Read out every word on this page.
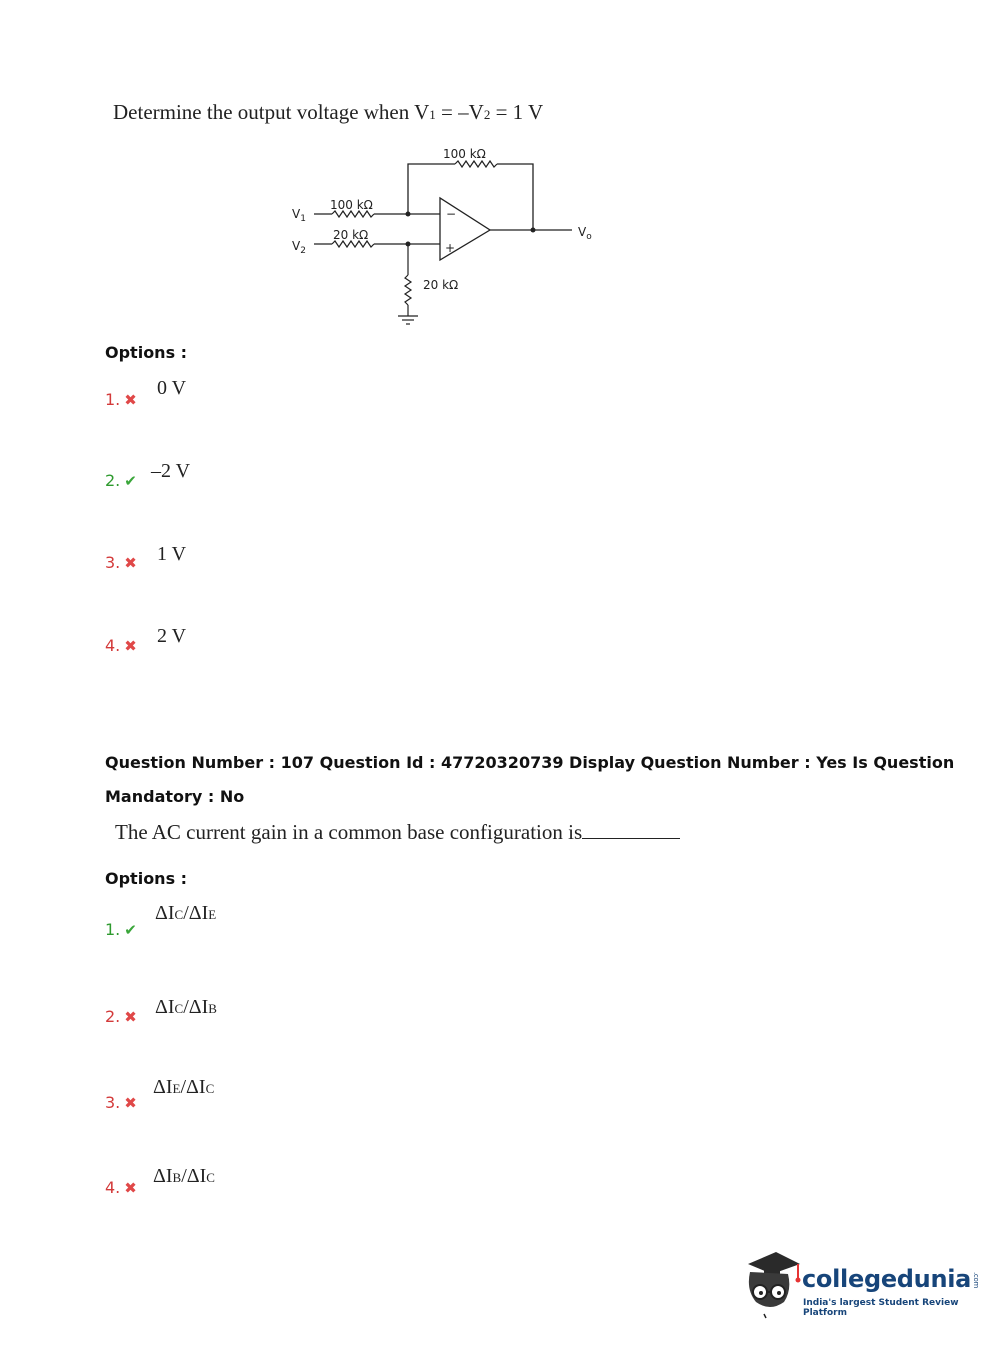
Determine the output voltage when V1 = –V2 = 1 V
100 kΩ
$V_1$
100 kΩ
$V_2$
20 kΩ
−
+
$V_o$
20 kΩ
Options :
1. ✖
0 V
2. ✔ –2 V
3. ✖ 1 V
4. ✖ 2 V
Question Number : 107 Question Id : 47720320739 Display Question Number : Yes Is Question
Mandatory : No
The AC current gain in a common base configuration is
Options :
1. ✔
ΔIC/ΔIE
2. ✖ ΔIC/ΔIB
3. ✖
ΔIE/ΔIC
4. ✖
ΔIB/ΔIC
collegedunia.com
India's largest Student Review Platform
